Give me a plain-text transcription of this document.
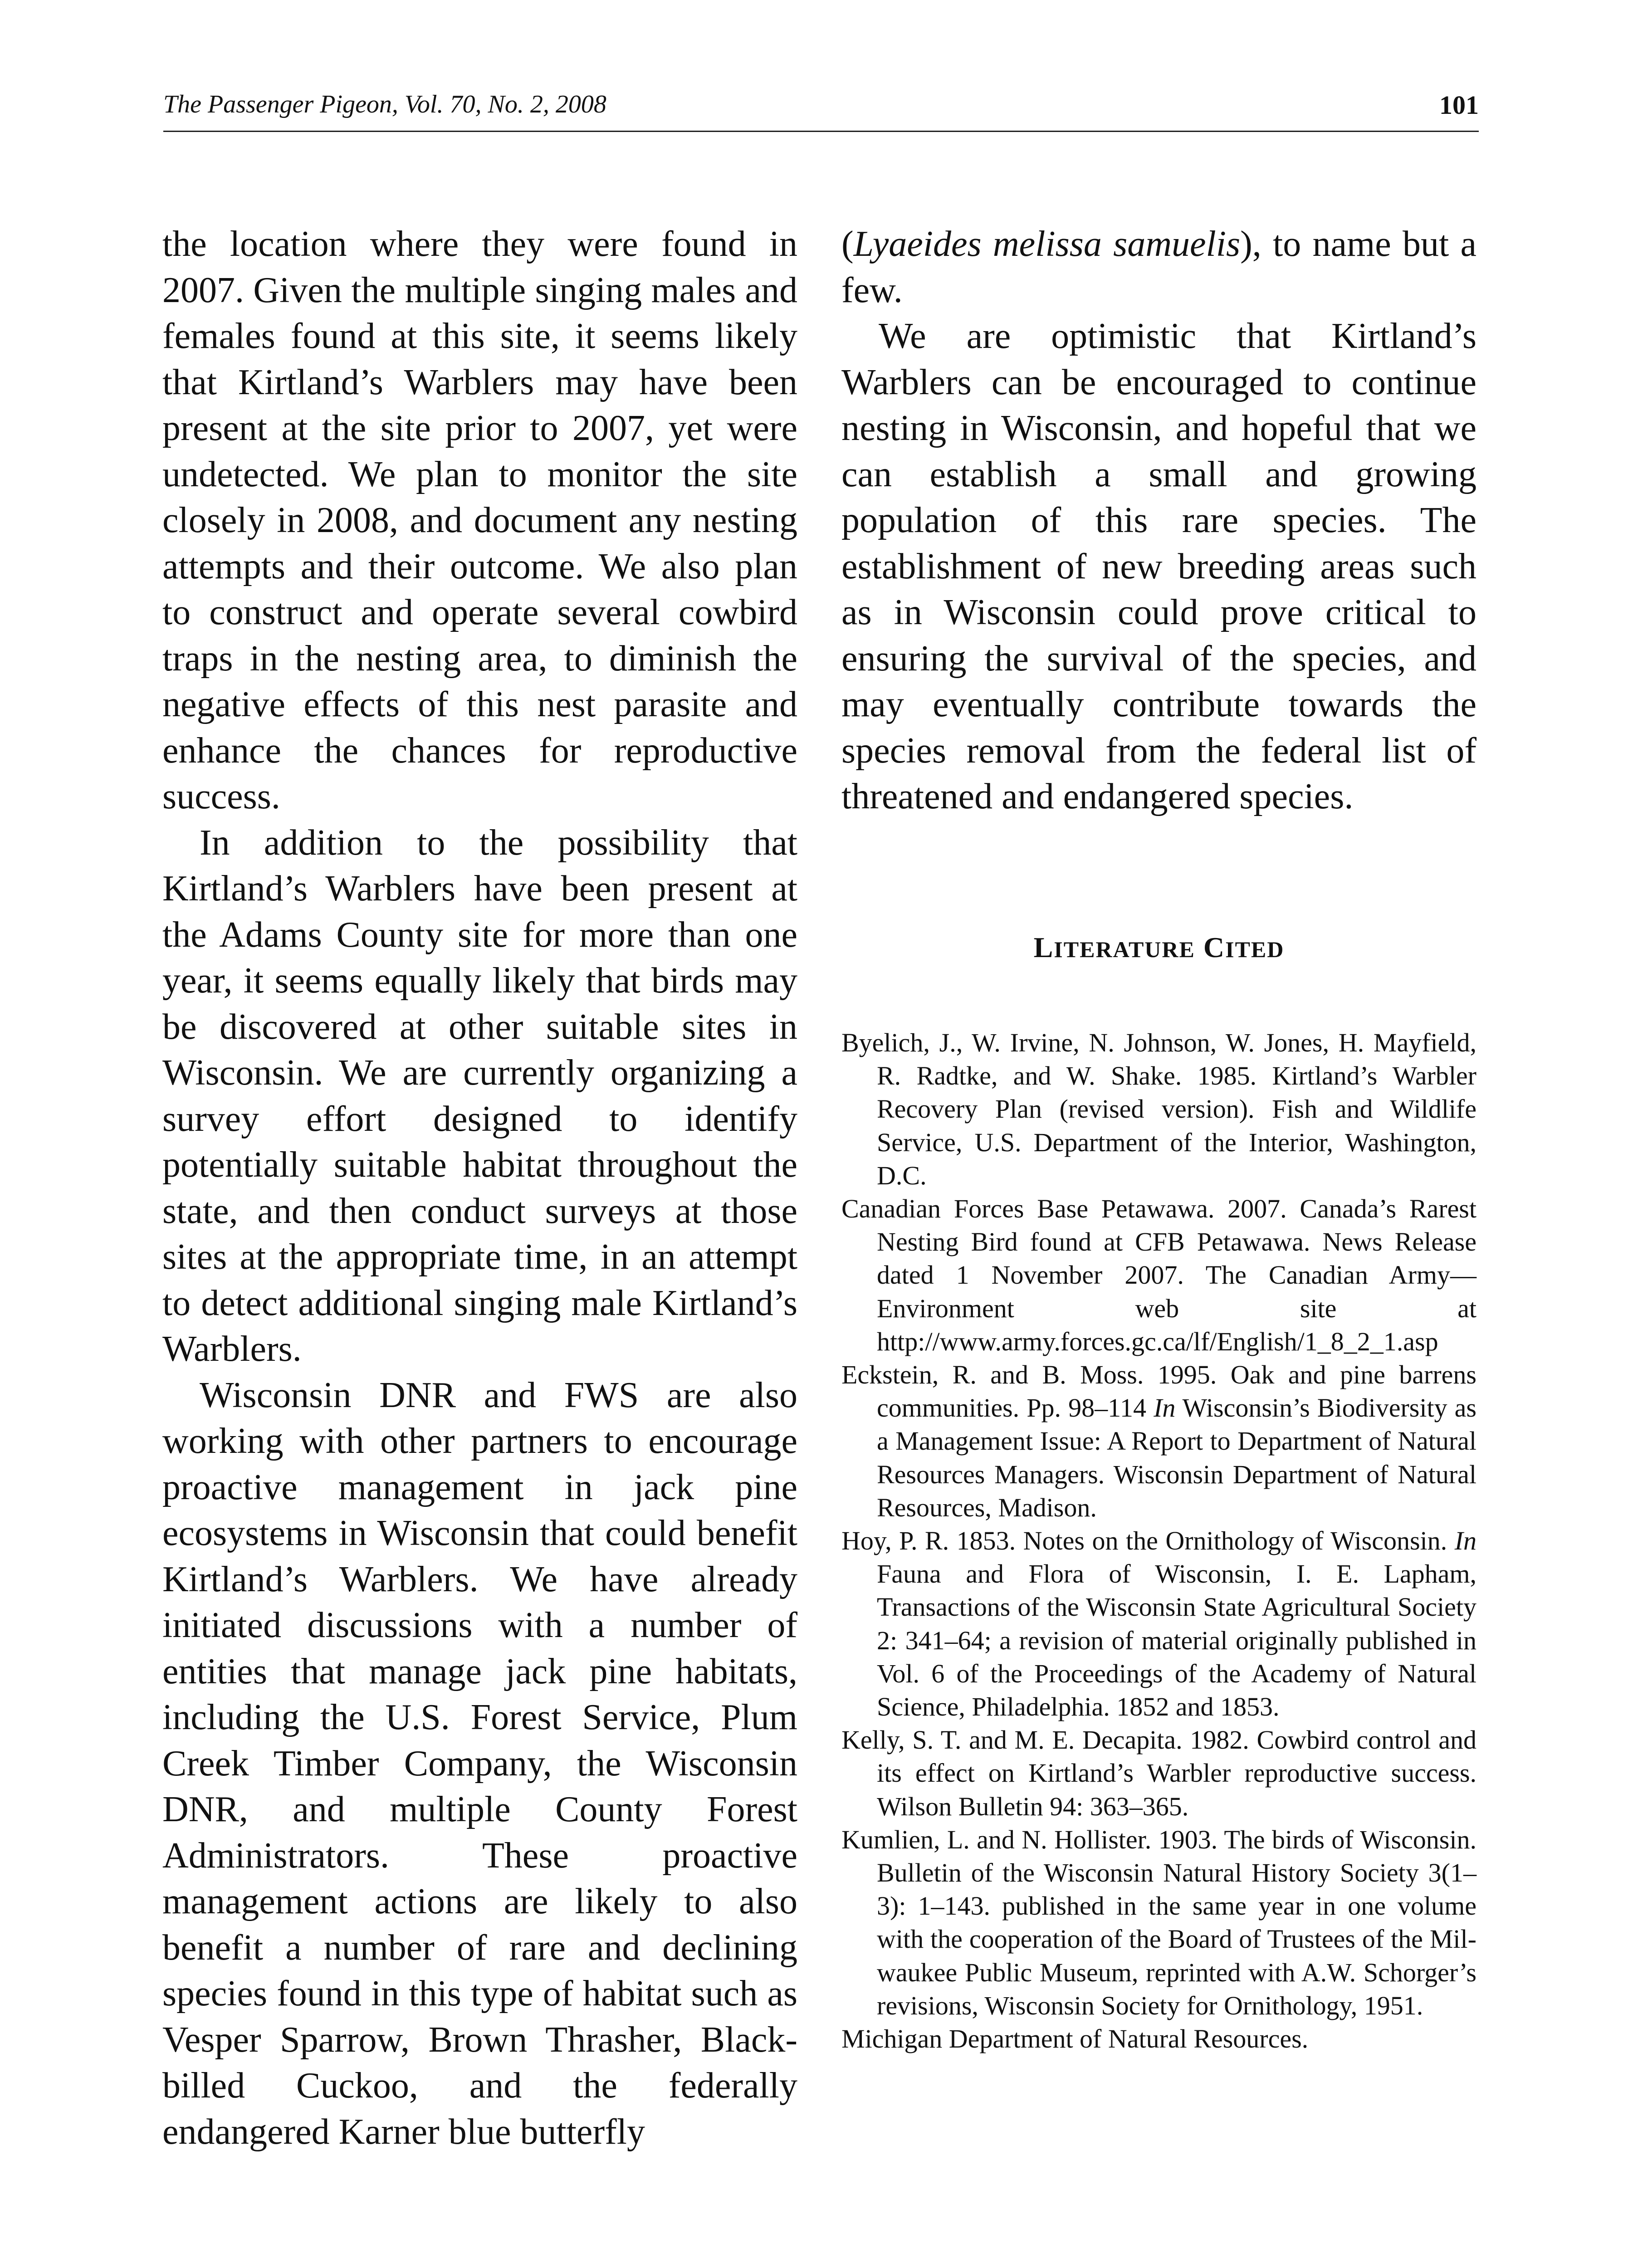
The Passenger Pigeon, Vol. 70, No. 2, 2008	101

the location where they were found in 2007. Given the multiple singing males and females found at this site, it seems likely that Kirtland’s Warblers may have been present at the site prior to 2007, yet were undetected. We plan to monitor the site closely in 2008, and document any nesting attempts and their outcome. We also plan to construct and operate several cowbird traps in the nesting area, to diminish the negative effects of this nest parasite and enhance the chances for reproductive success.

In addition to the possibility that Kirtland’s Warblers have been present at the Adams County site for more than one year, it seems equally likely that birds may be discovered at other suitable sites in Wisconsin. We are currently organizing a survey effort designed to identify potentially suitable habitat throughout the state, and then conduct surveys at those sites at the appropriate time, in an attempt to detect additional singing male Kirtland’s Warblers.

Wisconsin DNR and FWS are also working with other partners to encourage proactive management in jack pine ecosystems in Wisconsin that could benefit Kirtland’s Warblers. We have already initiated discussions with a number of entities that manage jack pine habitats, including the U.S. Forest Service, Plum Creek Timber Company, the Wisconsin DNR, and multiple County Forest Administrators. These proactive management actions are likely to also benefit a number of rare and declining species found in this type of habitat such as Vesper Sparrow, Brown Thrasher, Black-billed Cuckoo, and the federally endangered Karner blue butterfly

(Lyaeides melissa samuelis), to name but a few.

We are optimistic that Kirtland’s Warblers can be encouraged to continue nesting in Wisconsin, and hopeful that we can establish a small and growing population of this rare species. The establishment of new breeding areas such as in Wisconsin could prove critical to ensuring the survival of the species, and may eventually contribute towards the species removal from the federal list of threatened and endangered species.

LITERATURE CITED

Byelich, J., W. Irvine, N. Johnson, W. Jones, H. Mayfield, R. Radtke, and W. Shake. 1985. Kirtland’s Warbler Recovery Plan (revised version). Fish and Wildlife Service, U.S. Department of the Interior, Washington, D.C.

Canadian Forces Base Petawawa. 2007. Canada’s Rarest Nesting Bird found at CFB Petawawa. News Release dated 1 November 2007. The Canadian Army—Environment web site at http://www.army.forces.gc.ca/lf/English/1_8_2_1.asp

Eckstein, R. and B. Moss. 1995. Oak and pine barrens communities. Pp. 98–114 In Wisconsin’s Biodiversity as a Management Issue: A Report to Department of Natural Resources Managers. Wisconsin Department of Natural Resources, Madison.

Hoy, P. R. 1853. Notes on the Ornithology of Wisconsin. In Fauna and Flora of Wisconsin, I. E. Lapham, Transactions of the Wisconsin State Agricultural Society 2: 341–64; a revision of material originally published in Vol. 6 of the Proceedings of the Academy of Natural Science, Philadelphia. 1852 and 1853.

Kelly, S. T. and M. E. Decapita. 1982. Cowbird control and its effect on Kirtland’s Warbler reproductive success. Wilson Bulletin 94: 363–365.

Kumlien, L. and N. Hollister. 1903. The birds of Wisconsin. Bulletin of the Wisconsin Natural History Society 3(1–3): 1–143. published in the same year in one volume with the cooperation of the Board of Trustees of the Milwaukee Public Museum, reprinted with A.W. Schorger’s revisions, Wisconsin Society for Ornithology, 1951.

Michigan Department of Natural Resources.
